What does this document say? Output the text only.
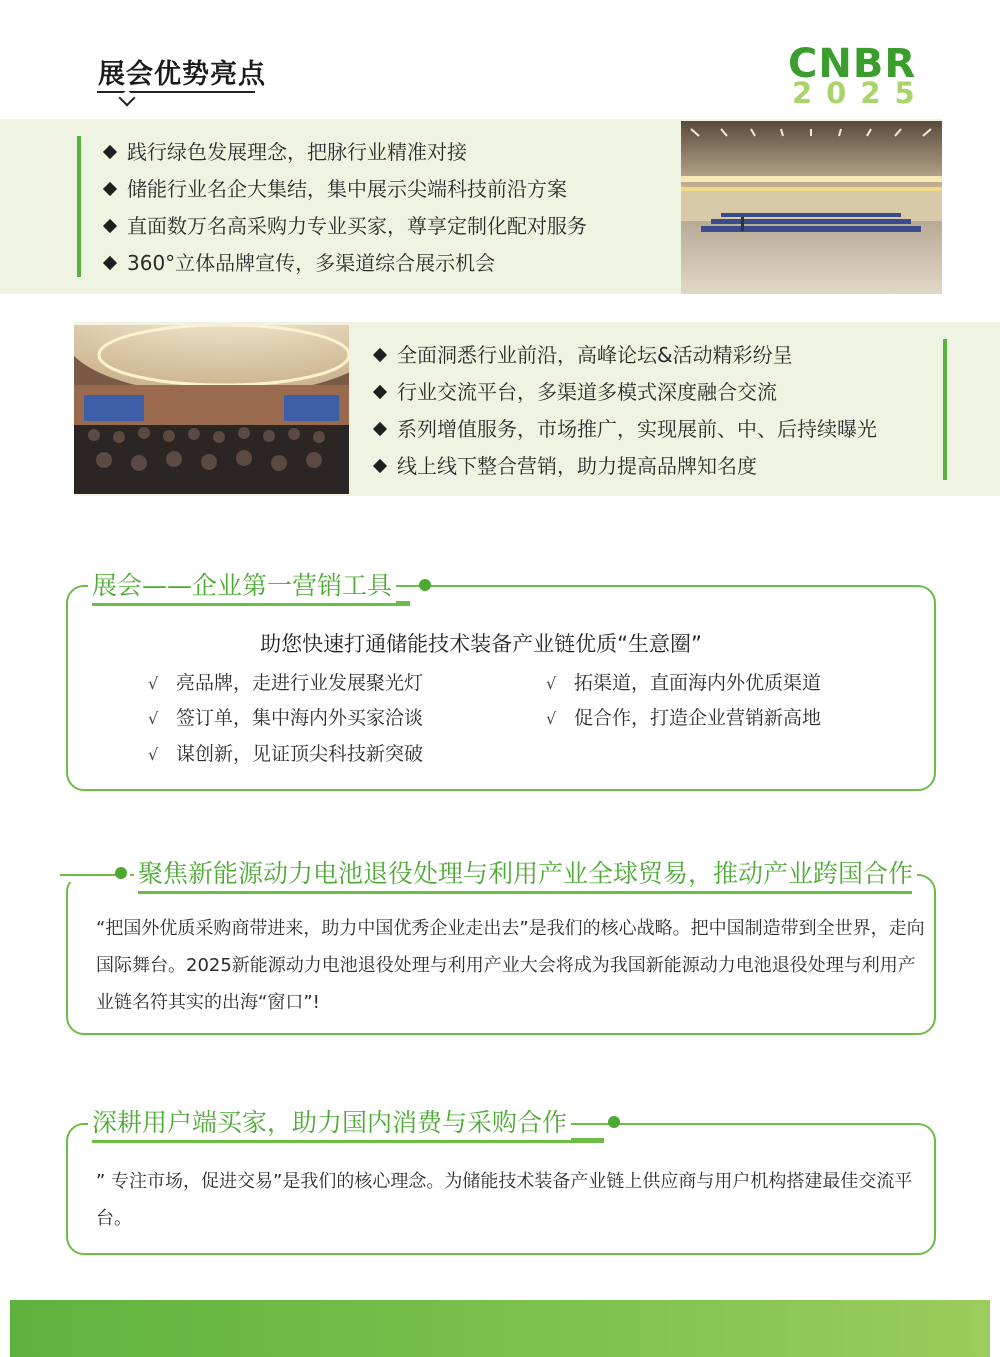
展会优势亮点	CNBR
2025
践行绿色发展理念，把脉行业精准对接
储能行业名企大集结，集中展示尖端科技前沿方案
直面数万名高采购力专业买家，尊享定制化配对服务
360°立体品牌宣传，多渠道综合展示机会
全面洞悉行业前沿，高峰论坛&活动精彩纷呈
行业交流平台，多渠道多模式深度融合交流
系列增值服务，市场推广，实现展前、中、后持续曝光
线上线下整合营销，助力提高品牌知名度
展会——企业第一营销工具
助您快速打通储能技术装备产业链优质“生意圈”
√ 亮品牌，走进行业发展聚光灯	√ 拓渠道，直面海内外优质渠道
√ 签订单，集中海内外买家洽谈	√ 促合作，打造企业营销新高地
√ 谋创新，见证顶尖科技新突破
聚焦新能源动力电池退役处理与利用产业全球贸易，推动产业跨国合作
“把国外优质采购商带进来，助力中国优秀企业走出去”是我们的核心战略。把中国制造带到全世界，走向国际舞台。2025新能源动力电池退役处理与利用产业大会将成为我国新能源动力电池退役处理与利用产业链名符其实的出海“窗口”!
深耕用户端买家，助力国内消费与采购合作
” 专注市场，促进交易”是我们的核心理念。为储能技术装备产业链上供应商与用户机构搭建最佳交流平台。
